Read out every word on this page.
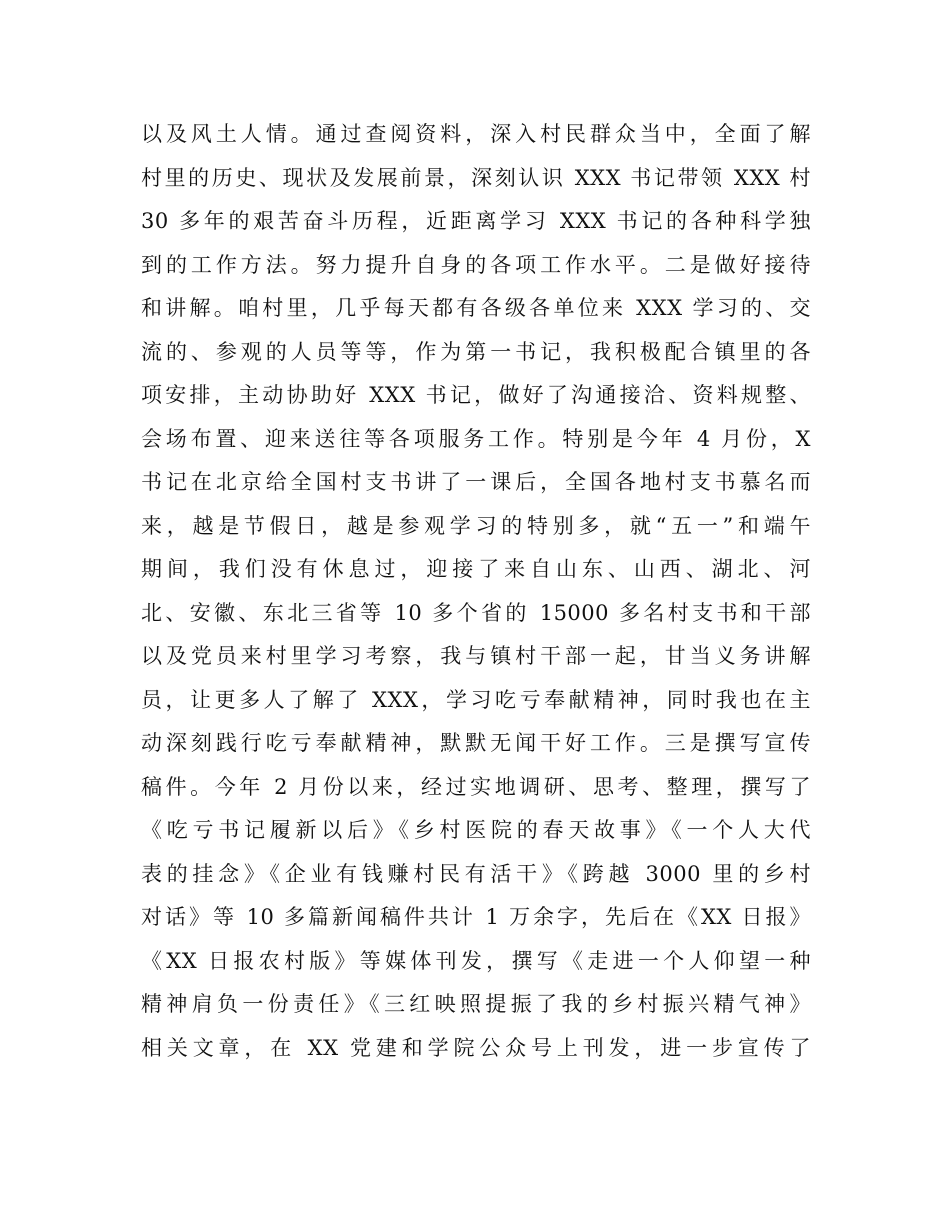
以及风土人情。通过查阅资料，深入村民群众当中，全面了解
村里的历史、现状及发展前景，深刻认识 XXX 书记带领 XXX 村
30 多年的艰苦奋斗历程，近距离学习 XXX 书记的各种科学独
到的工作方法。努力提升自身的各项工作水平。二是做好接待
和讲解。咱村里，几乎每天都有各级各单位来 XXX 学习的、交
流的、参观的人员等等，作为第一书记，我积极配合镇里的各
项安排，主动协助好 XXX 书记，做好了沟通接洽、资料规整、
会场布置、迎来送往等各项服务工作。特别是今年 4 月份，X
书记在北京给全国村支书讲了一课后，全国各地村支书慕名而
来，越是节假日，越是参观学习的特别多，就“五一”和端午
期间，我们没有休息过，迎接了来自山东、山西、湖北、河
北、安徽、东北三省等 10 多个省的 15000 多名村支书和干部
以及党员来村里学习考察，我与镇村干部一起，甘当义务讲解
员，让更多人了解了 XXX，学习吃亏奉献精神，同时我也在主
动深刻践行吃亏奉献精神，默默无闻干好工作。三是撰写宣传
稿件。今年 2 月份以来，经过实地调研、思考、整理，撰写了
《吃亏书记履新以后》《乡村医院的春天故事》《一个人大代
表的挂念》《企业有钱赚村民有活干》《跨越 3000 里的乡村
对话》等 10 多篇新闻稿件共计 1 万余字，先后在《XX 日报》
《XX 日报农村版》等媒体刊发，撰写《走进一个人仰望一种
精神肩负一份责任》《三红映照提振了我的乡村振兴精气神》
相关文章，在 XX 党建和学院公众号上刊发，进一步宣传了
